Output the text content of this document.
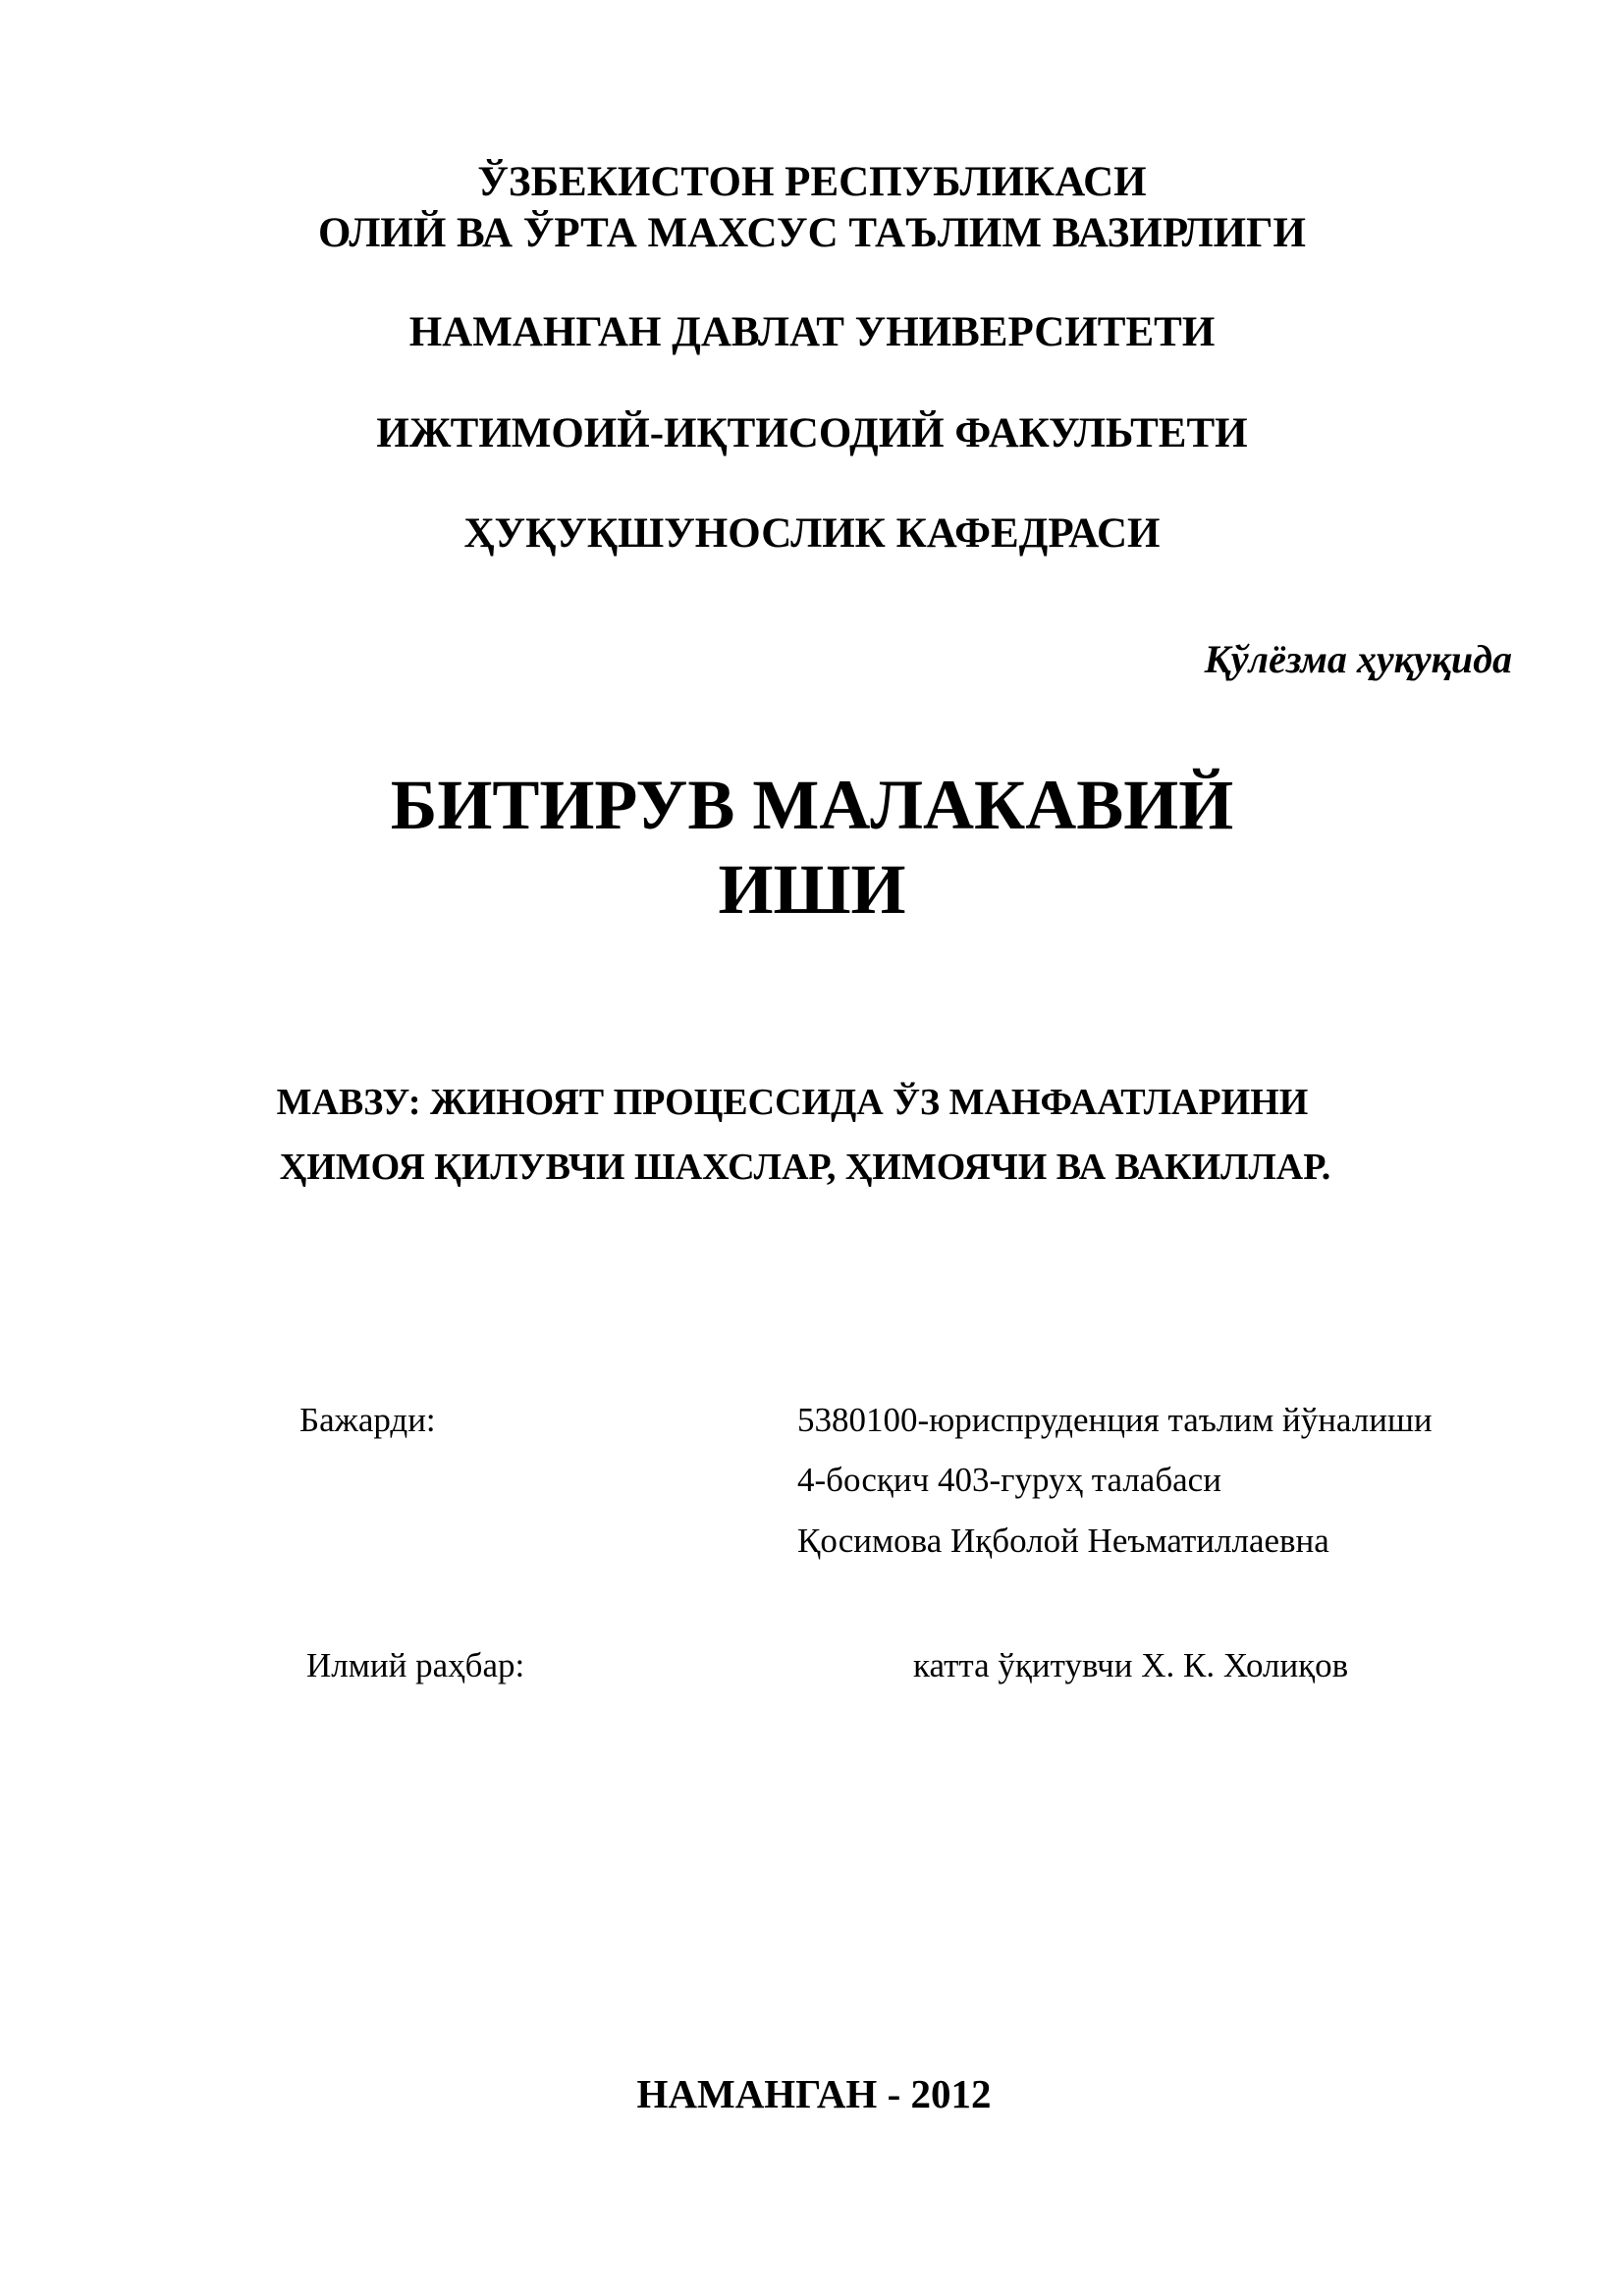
ЎЗБЕКИСТОН РЕСПУБЛИКАСИ
ОЛИЙ ВА ЎРТА МАХСУС ТАЪЛИМ ВАЗИРЛИГИ
НАМАНГАН ДАВЛАТ УНИВЕРСИТЕТИ
ИЖТИМОИЙ-ИҚТИСОДИЙ ФАКУЛЬТЕТИ
ҲУҚУҚШУНОСЛИК КАФЕДРАСИ
Қўлёзма ҳуқуқида
БИТИРУВ МАЛАКАВИЙ
ИШИ
МАВЗУ: ЖИНОЯТ ПРОЦЕССИДА ЎЗ МАНФААТЛАРИНИ
ҲИМОЯ ҚИЛУВЧИ ШАХСЛАР, ҲИМОЯЧИ ВА ВАКИЛЛАР.
Бажарди:	5380100-юриспруденция таълим йўналиши
4-босқич 403-гуруҳ талабаси
Қосимова Иқболой Неъматиллаевна
Илмий раҳбар:	катта ўқитувчи Х. К. Холиқов
НАМАНГАН - 2012
